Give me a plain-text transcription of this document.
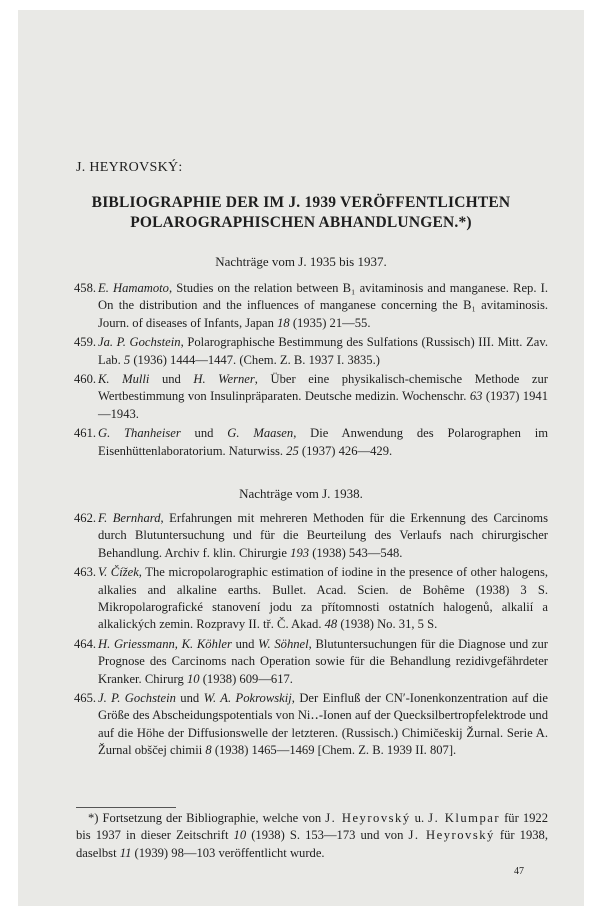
J. HEYROVSKÝ:
BIBLIOGRAPHIE DER IM J. 1939 VERÖFFENTLICHTEN
POLAROGRAPHISCHEN ABHANDLUNGEN.*)
Nachträge vom J. 1935 bis 1937.
458. E. Hamamoto, Studies on the relation between B₁ avitaminosis and manganese. Rep. I. On the distribution and the influences of manganese concerning the B₁ avitaminosis. Journ. of diseases of Infants, Japan 18 (1935) 21—55.
459. Ja. P. Gochstein, Polarographische Bestimmung des Sulfations (Russisch) III. Mitt. Zav. Lab. 5 (1936) 1444—1447. (Chem. Z. B. 1937 I. 3835.)
460. K. Mulli und H. Werner, Über eine physikalisch-chemische Methode zur Wertbestimmung von Insulinpräparaten. Deutsche medizin. Wochenschr. 63 (1937) 1941—1943.
461. G. Thanheiser und G. Maasen, Die Anwendung des Polarographen im Eisenhüttenlaboratorium. Naturwiss. 25 (1937) 426—429.
Nachträge vom J. 1938.
462. F. Bernhard, Erfahrungen mit mehreren Methoden für die Erkennung des Carcinoms durch Blutuntersuchung und für die Beurteilung des Verlaufs nach chirurgischer Behandlung. Archiv f. klin. Chirurgie 193 (1938) 543—548.
463. V. Čížek, The micropolarographic estimation of iodine in the presence of other halogens, alkalies and alkaline earths. Bullet. Acad. Scien. de Bohême (1938) 3 S. Mikropolarografické stanovení jodu za přítomnosti ostatních halogenů, alkalií a alkalických zemin. Rozpravy II. tř. Č. Akad. 48 (1938) No. 31, 5 S.
464. H. Griessmann, K. Köhler und W. Söhnel, Blutuntersuchungen für die Diagnose und zur Prognose des Carcinoms nach Operation sowie für die Behandlung rezidivgefährdeter Kranker. Chirurg 10 (1938) 609—617.
465. J. P. Gochstein und W. A. Pokrowskij, Der Einfluß der CN′-Ionenkonzentration auf die Größe des Abscheidungspotentials von Ni‥-Ionen auf der Quecksilbertropfelektrode und auf die Höhe der Diffusionswelle der letzteren. (Russisch.) Chimičeskij Žurnal. Serie A. Žurnal obščej chimii 8 (1938) 1465—1469 [Chem. Z. B. 1939 II. 807].
*) Fortsetzung der Bibliographie, welche von J. Heyrovský u. J. Klumpar für 1922 bis 1937 in dieser Zeitschrift 10 (1938) S. 153—173 und von J. Heyrovský für 1938, daselbst 11 (1939) 98—103 veröffentlicht wurde.
47
